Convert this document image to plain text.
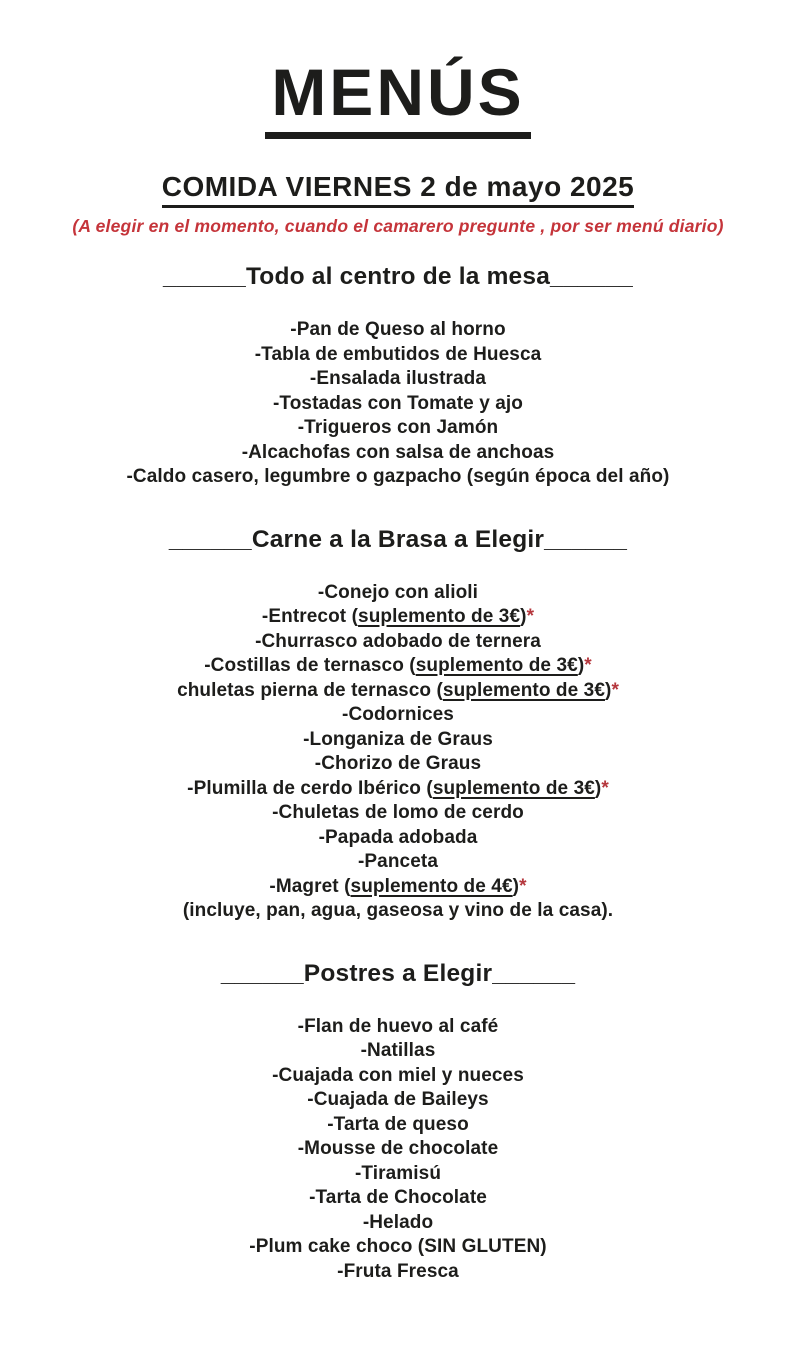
MENÚS
COMIDA VIERNES 2 de mayo 2025
(A elegir en el momento, cuando el camarero pregunte , por ser menú diario)
______Todo al centro de la mesa______
-Pan de Queso al horno
-Tabla de embutidos de Huesca
-Ensalada ilustrada
-Tostadas con Tomate y ajo
-Trigueros con Jamón
-Alcachofas con salsa de anchoas
-Caldo casero, legumbre o gazpacho (según época del año)
______Carne a la Brasa a Elegir______
-Conejo con alioli
-Entrecot (suplemento de 3€)*
-Churrasco adobado de ternera
-Costillas de ternasco (suplemento de 3€)*
chuletas pierna de ternasco (suplemento de 3€)*
-Codornices
-Longaniza de Graus
-Chorizo de Graus
-Plumilla de cerdo Ibérico (suplemento de 3€)*
-Chuletas de lomo de cerdo
-Papada adobada
-Panceta
-Magret (suplemento de 4€)*
(incluye, pan, agua, gaseosa y vino de la casa).
______Postres a Elegir______
-Flan de huevo al café
-Natillas
-Cuajada con miel y nueces
-Cuajada de Baileys
-Tarta de queso
-Mousse de chocolate
-Tiramisú
-Tarta de Chocolate
-Helado
-Plum cake choco (SIN GLUTEN)
-Fruta Fresca
